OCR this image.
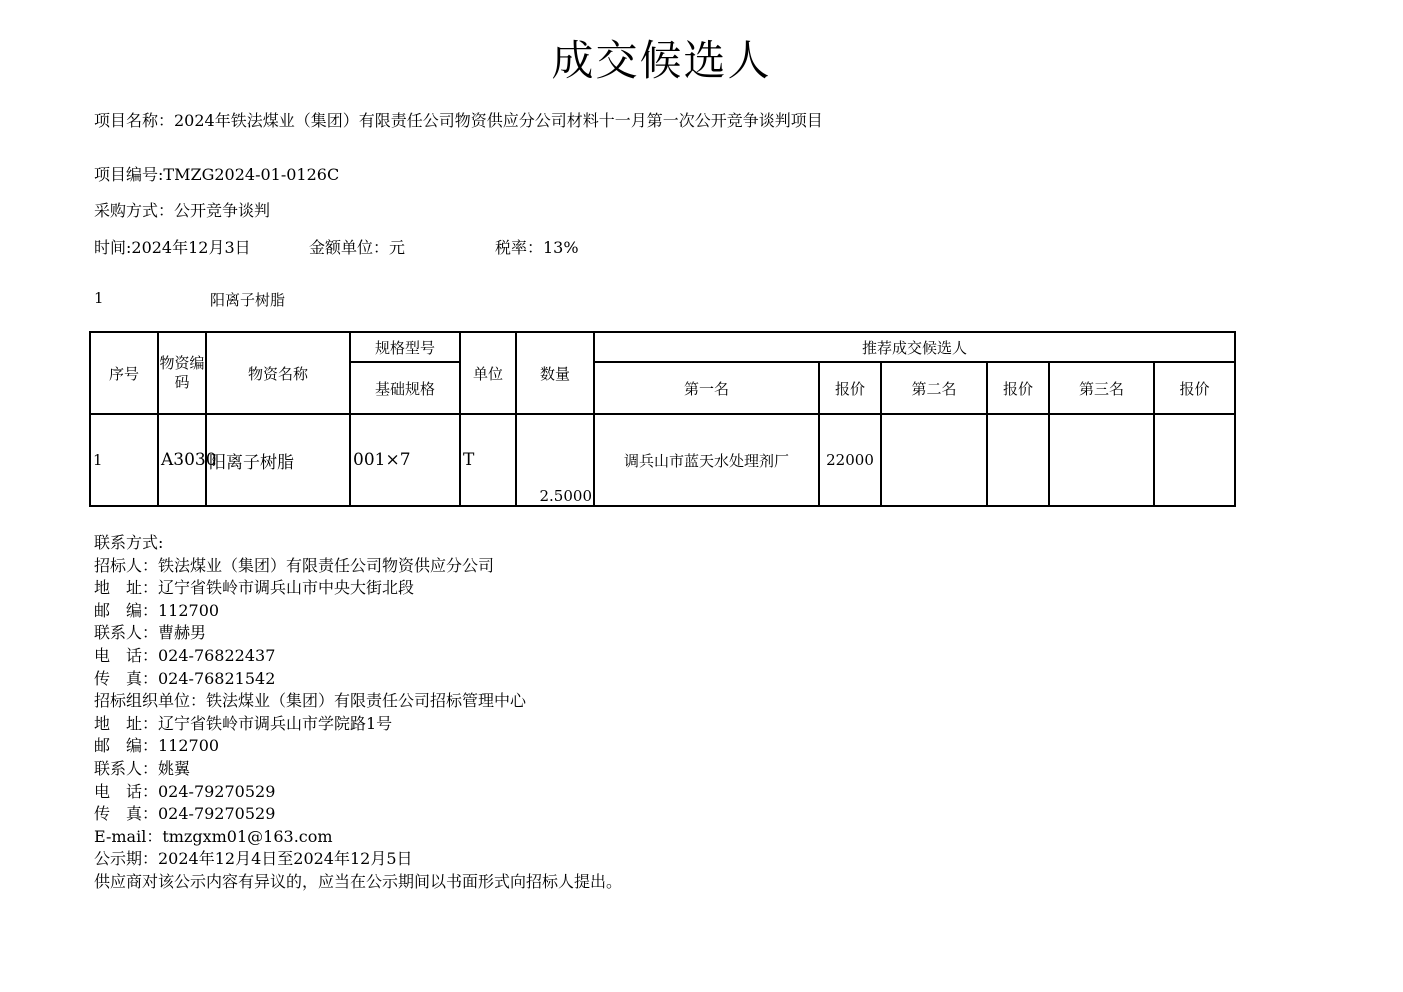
成交候选人
项目名称：2024年铁法煤业（集团）有限责任公司物资供应分公司材料十一月第一次公开竞争谈判项目
项目编号:TMZG2024-01-0126C
采购方式：公开竞争谈判
时间:2024年12月3日	金额单位：元	税率：13%
1	阳离子树脂
序号	物资编码	物资名称	规格型号	单位	数量	推荐成交候选人					
			基础规格			第一名	报价	第二名	报价	第三名	报价
1	A3030	阳离子树脂	001×7	T	2.5000	调兵山市蓝天水处理剂厂	22000				
联系方式:
招标人：铁法煤业（集团）有限责任公司物资供应分公司
地　址：辽宁省铁岭市调兵山市中央大街北段
邮　编：112700
联系人：曹赫男
电　话：024-76822437
传　真：024-76821542
招标组织单位：铁法煤业（集团）有限责任公司招标管理中心
地　址：辽宁省铁岭市调兵山市学院路1号
邮　编：112700
联系人：姚翼
电　话：024-79270529
传　真：024-79270529
E-mail：tmzgxm01@163.com
公示期：2024年12月4日至2024年12月5日
供应商对该公示内容有异议的，应当在公示期间以书面形式向招标人提出。
